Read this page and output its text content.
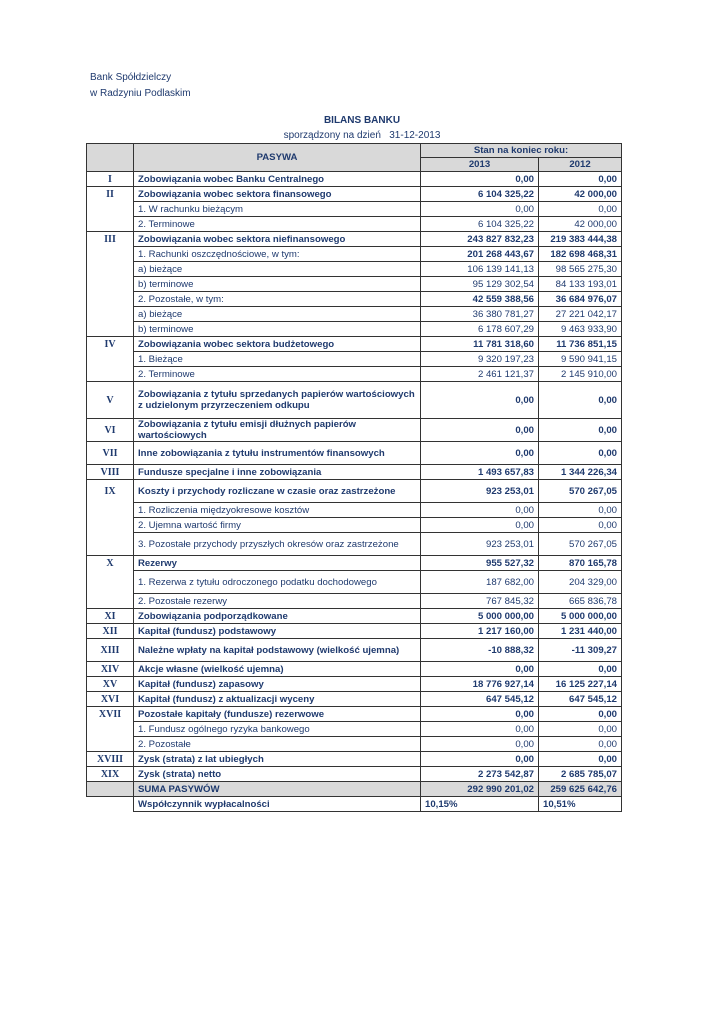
Bank Spółdzielczy
w Radzyniu Podlaskim
BILANS BANKU
sporządzony na dzień 31-12-2013
	PASYWA	Stan na koniec roku:	
		2013	2012
I	Zobowiązania wobec Banku Centralnego	0,00	0,00
II	Zobowiązania wobec sektora finansowego	6 104 325,22	42 000,00
	1. W rachunku bieżącym	0,00	0,00
	2. Terminowe	6 104 325,22	42 000,00
III	Zobowiązania wobec sektora niefinansowego	243 827 832,23	219 383 444,38
	1. Rachunki oszczędnościowe, w tym:	201 268 443,67	182 698 468,31
	a) bieżące	106 139 141,13	98 565 275,30
	b) terminowe	95 129 302,54	84 133 193,01
	2. Pozostałe, w tym:	42 559 388,56	36 684 976,07
	a) bieżące	36 380 781,27	27 221 042,17
	b) terminowe	6 178 607,29	9 463 933,90
IV	Zobowiązania wobec sektora budżetowego	11 781 318,60	11 736 851,15
	1. Bieżące	9 320 197,23	9 590 941,15
	2. Terminowe	2 461 121,37	2 145 910,00
V	Zobowiązania z tytułu sprzedanych papierów wartościowych z udzielonym przyrzeczeniem odkupu	0,00	0,00
VI	Zobowiązania z tytułu emisji dłużnych papierów wartościowych	0,00	0,00
VII	Inne zobowiązania z tytułu instrumentów finansowych	0,00	0,00
VIII	Fundusze specjalne i inne zobowiązania	1 493 657,83	1 344 226,34
IX	Koszty i przychody rozliczane w czasie oraz zastrzeżone	923 253,01	570 267,05
	1. Rozliczenia międzyokresowe kosztów	0,00	0,00
	2. Ujemna wartość firmy	0,00	0,00
	3. Pozostałe przychody przyszłych okresów oraz zastrzeżone	923 253,01	570 267,05
X	Rezerwy	955 527,32	870 165,78
	1. Rezerwa z tytułu odroczonego podatku dochodowego	187 682,00	204 329,00
	2. Pozostałe rezerwy	767 845,32	665 836,78
XI	Zobowiązania podporządkowane	5 000 000,00	5 000 000,00
XII	Kapitał (fundusz) podstawowy	1 217 160,00	1 231 440,00
XIII	Należne wpłaty na kapitał podstawowy (wielkość ujemna)	-10 888,32	-11 309,27
XIV	Akcje własne (wielkość ujemna)	0,00	0,00
XV	Kapitał (fundusz) zapasowy	18 776 927,14	16 125 227,14
XVI	Kapitał (fundusz) z aktualizacji wyceny	647 545,12	647 545,12
XVII	Pozostałe kapitały (fundusze) rezerwowe	0,00	0,00
	1. Fundusz ogólnego ryzyka bankowego	0,00	0,00
	2. Pozostałe	0,00	0,00
XVIII	Zysk (strata) z lat ubiegłych	0,00	0,00
XIX	Zysk (strata) netto	2 273 542,87	2 685 785,07
	SUMA PASYWÓW	292 990 201,02	259 625 642,76
	Współczynnik wypłacalności	10,15%	10,51%
